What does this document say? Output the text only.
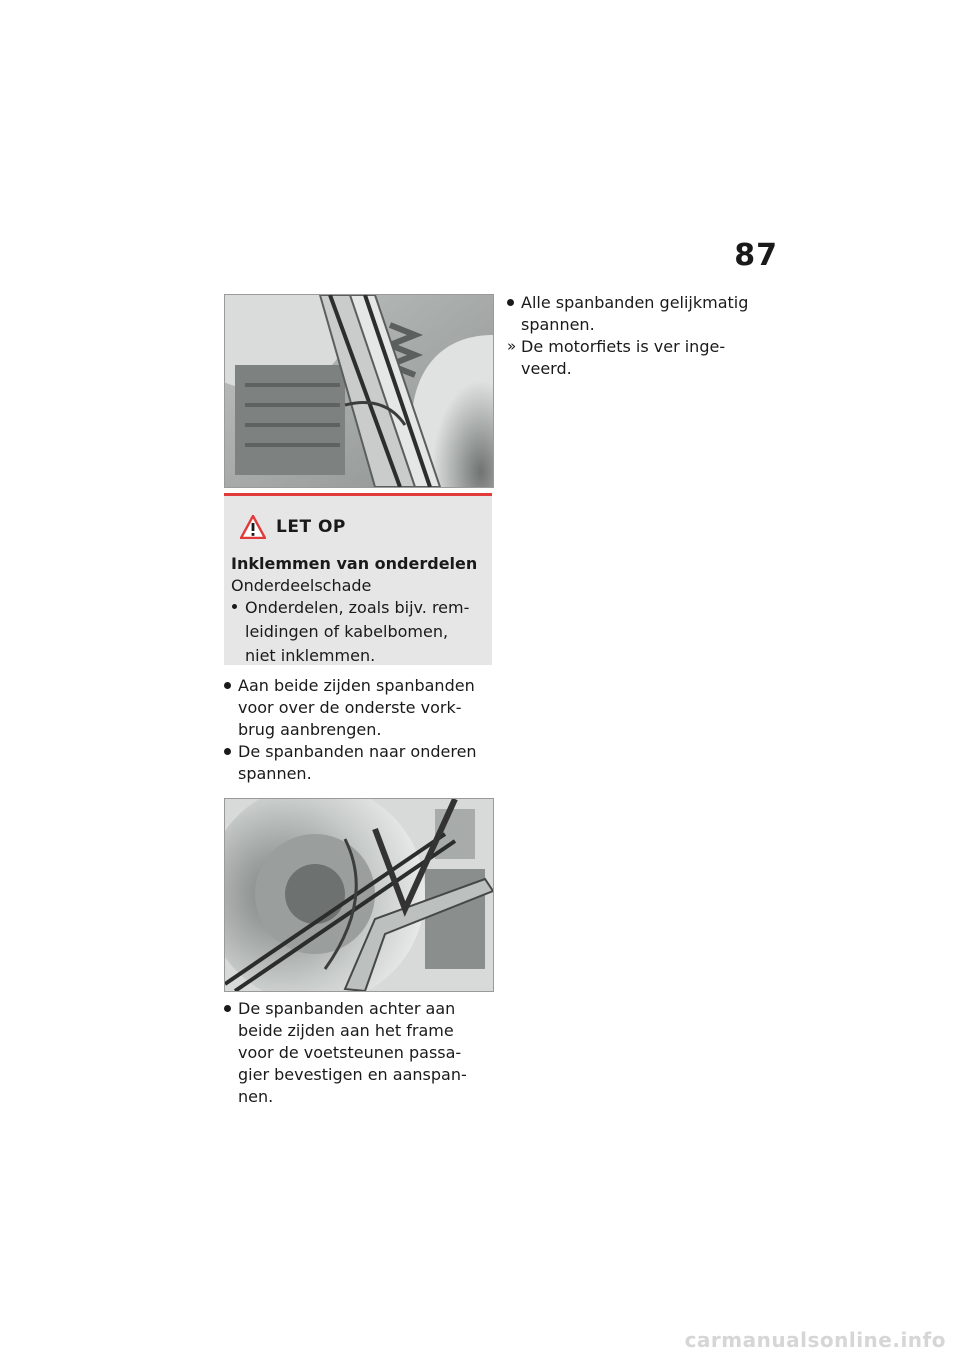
87
LET OP
Inklemmen van onderdelen
Onderdeelschade
Onderdelen, zoals bijv. remleidingen of kabelbomen, niet inklemmen.
Aan beide zijden spanbanden voor over de onderste vorkbrug aanbrengen.
De spanbanden naar onderen spannen.
De spanbanden achter aan beide zijden aan het frame voor de voetsteunen passagier bevestigen en aanspannen.
Alle spanbanden gelijkmatig spannen.
» De motorfiets is ver ingeveerd.
carmanualsonline.info
